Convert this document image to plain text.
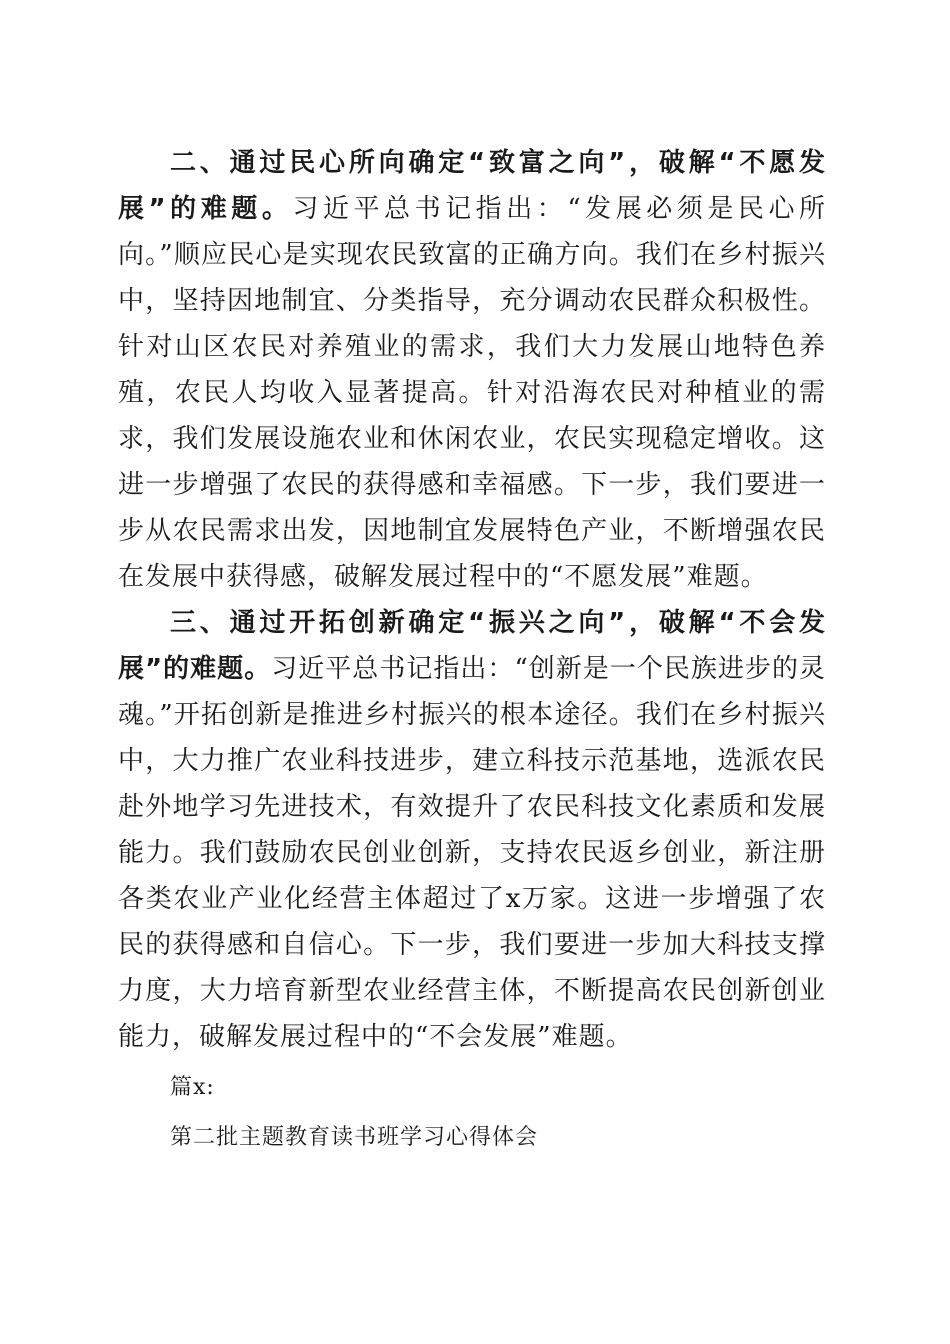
二、通过民心所向确定“致富之向”，破解“不愿发展”的难题。习近平总书记指出：“发展必须是民心所向。”顺应民心是实现农民致富的正确方向。我们在乡村振兴中，坚持因地制宜、分类指导，充分调动农民群众积极性。针对山区农民对养殖业的需求，我们大力发展山地特色养殖，农民人均收入显著提高。针对沿海农民对种植业的需求，我们发展设施农业和休闲农业，农民实现稳定增收。这进一步增强了农民的获得感和幸福感。下一步，我们要进一步从农民需求出发，因地制宜发展特色产业，不断增强农民在发展中获得感，破解发展过程中的“不愿发展”难题。

三、通过开拓创新确定“振兴之向”，破解“不会发展”的难题。习近平总书记指出：“创新是一个民族进步的灵魂。”开拓创新是推进乡村振兴的根本途径。我们在乡村振兴中，大力推广农业科技进步，建立科技示范基地，选派农民赴外地学习先进技术，有效提升了农民科技文化素质和发展能力。我们鼓励农民创业创新，支持农民返乡创业，新注册各类农业产业化经营主体超过了x万家。这进一步增强了农民的获得感和自信心。下一步，我们要进一步加大科技支撑力度，大力培育新型农业经营主体，不断提高农民创新创业能力，破解发展过程中的“不会发展”难题。

篇x:

第二批主题教育读书班学习心得体会
